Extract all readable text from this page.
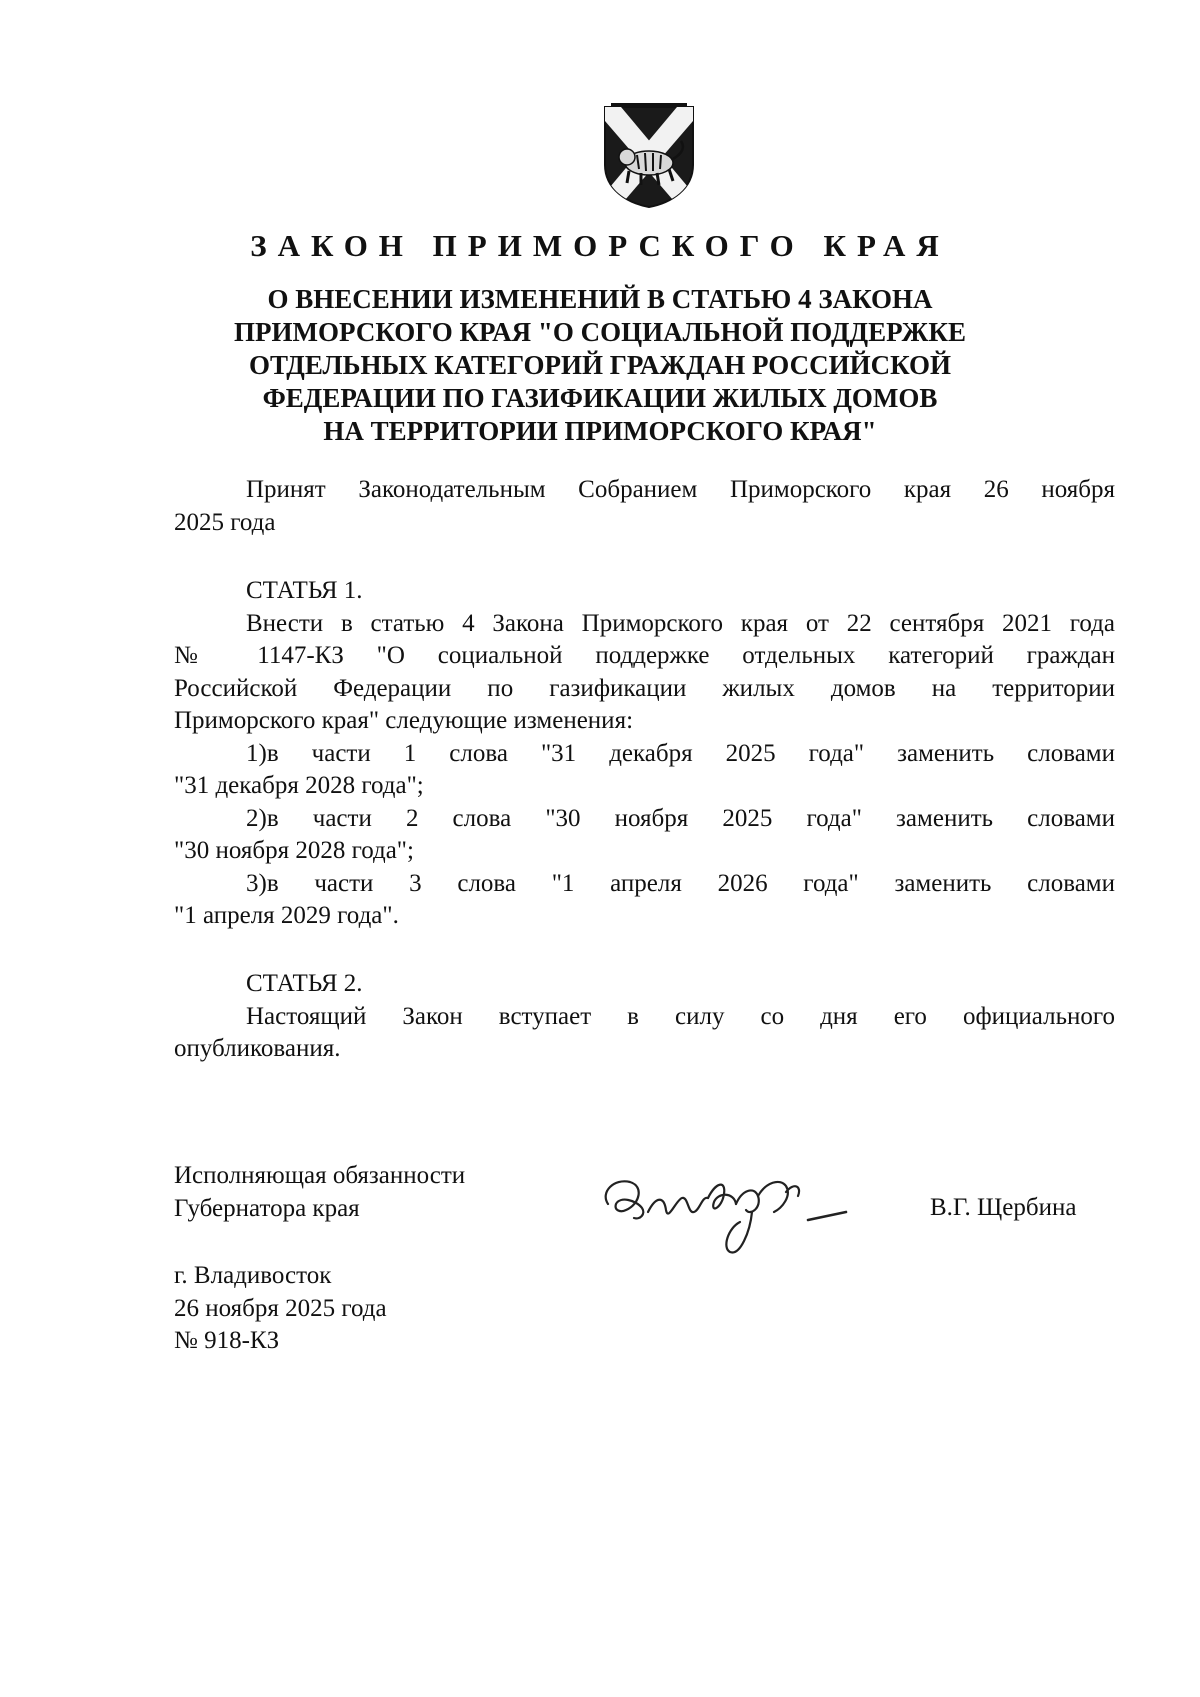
ЗАКОН ПРИМОРСКОГО КРАЯ
О ВНЕСЕНИИ ИЗМЕНЕНИЙ В СТАТЬЮ 4 ЗАКОНА
ПРИМОРСКОГО КРАЯ "О СОЦИАЛЬНОЙ ПОДДЕРЖКЕ
ОТДЕЛЬНЫХ КАТЕГОРИЙ ГРАЖДАН РОССИЙСКОЙ
ФЕДЕРАЦИИ ПО ГАЗИФИКАЦИИ ЖИЛЫХ ДОМОВ
НА ТЕРРИТОРИИ ПРИМОРСКОГО КРАЯ"
Принят Законодательным Собранием Приморского края 26 ноября
2025 года
СТАТЬЯ 1.
Внести в статью 4 Закона Приморского края от 22 сентября 2021 года
№ 1147-КЗ "О социальной поддержке отдельных категорий граждан
Российской Федерации по газификации жилых домов на территории
Приморского края" следующие изменения:
1)в части 1 слова "31 декабря 2025 года" заменить словами
"31 декабря 2028 года";
2)в части 2 слова "30 ноября 2025 года" заменить словами
"30 ноября 2028 года";
3)в части 3 слова "1 апреля 2026 года" заменить словами
"1 апреля 2029 года".
СТАТЬЯ 2.
Настоящий Закон вступает в силу со дня его официального
опубликования.
Исполняющая обязанности
Губернатора края	В.Г. Щербина
г. Владивосток
26 ноября 2025 года
№ 918-КЗ
